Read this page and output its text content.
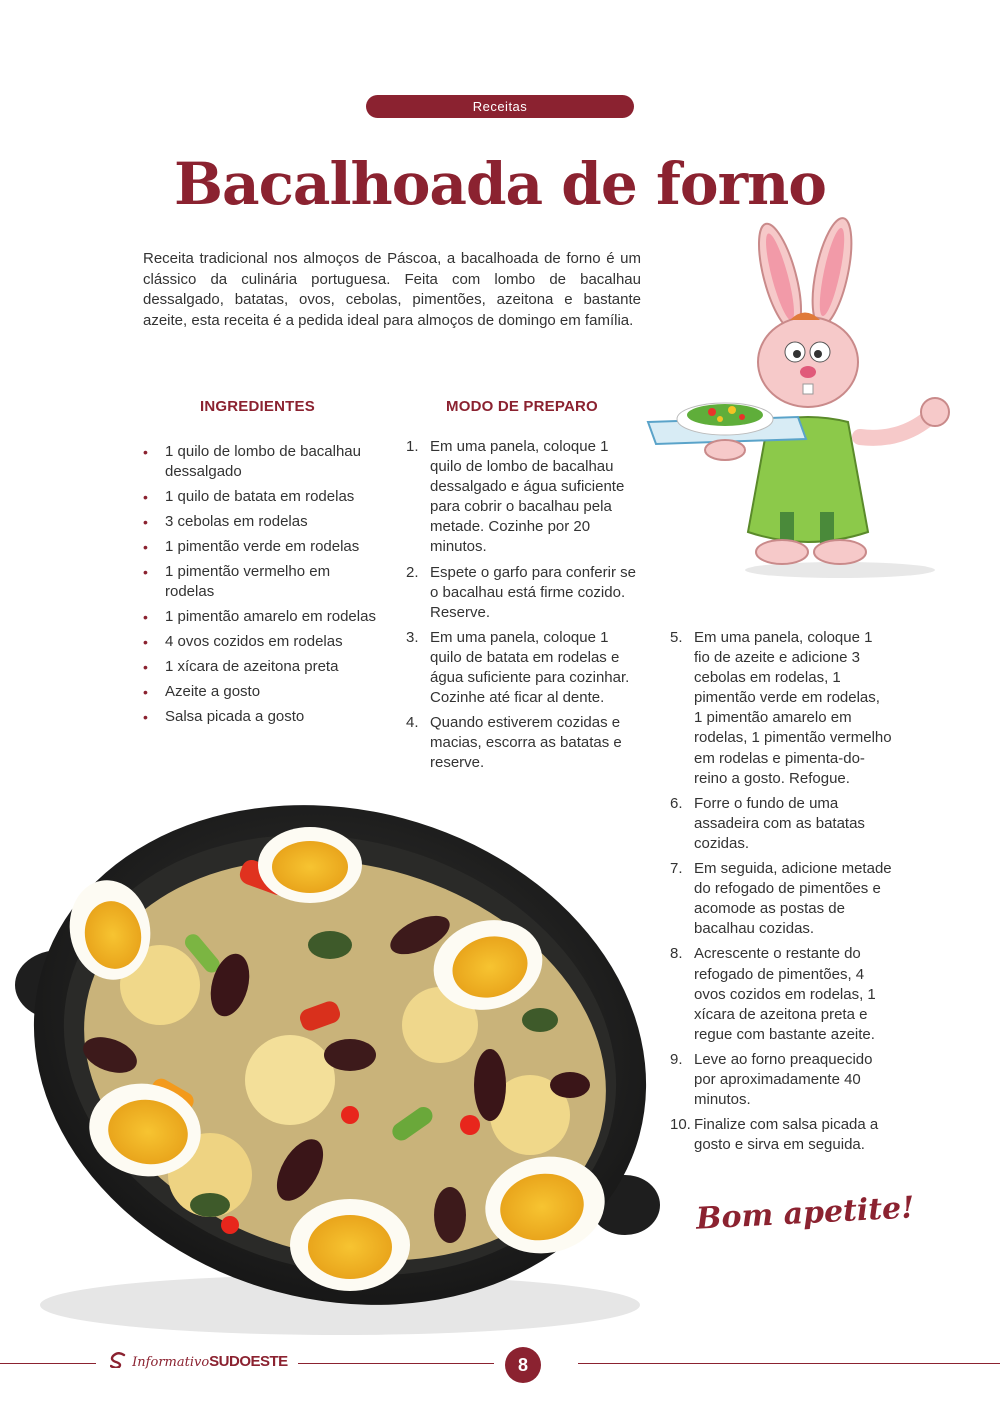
Receitas
Bacalhoada de forno
Receita tradicional nos almoços de Páscoa, a bacalhoada de forno é um clássico da culinária portuguesa. Feita com lombo de bacalhau dessalgado, batatas, ovos, cebolas, pimentões, azeitona e bastante azeite, esta receita é a pedida ideal para almoços de domingo em família.
INGREDIENTES
• 1 quilo de lombo de bacalhau dessalgado
• 1 quilo de batata em rodelas
• 3 cebolas em rodelas
• 1 pimentão verde em rodelas
• 1 pimentão vermelho em rodelas
• 1 pimentão amarelo em rodelas
• 4 ovos cozidos em rodelas
• 1 xícara de azeitona preta
• Azeite a gosto
• Salsa picada a gosto
MODO DE PREPARO
1. Em uma panela, coloque 1 quilo de lombo de bacalhau dessalgado e água suficiente para cobrir o bacalhau pela metade. Cozinhe por 20 minutos.
2. Espete o garfo para conferir se o bacalhau está firme cozido. Reserve.
3. Em uma panela, coloque 1 quilo de batata em rodelas e água suficiente para cozinhar. Cozinhe até ficar al dente.
4. Quando estiverem cozidas e macias, escorra as batatas e reserve.
5. Em uma panela, coloque 1 fio de azeite e adicione 3 cebolas em rodelas, 1 pimentão verde em rodelas, 1 pimentão amarelo em rodelas, 1 pimentão vermelho em rodelas e pimenta-do-reino a gosto. Refogue.
6. Forre o fundo de uma assadeira com as batatas cozidas.
7. Em seguida, adicione metade do refogado de pimentões e acomode as postas de bacalhau cozidas.
8. Acrescente o restante do refogado de pimentões, 4 ovos cozidos em rodelas, 1 xícara de azeitona preta e regue com bastante azeite.
9. Leve ao forno preaquecido por aproximadamente 40 minutos.
10. Finalize com salsa picada a gosto e sirva em seguida.
Bom apetite!
InformativoSUDOESTE	8
